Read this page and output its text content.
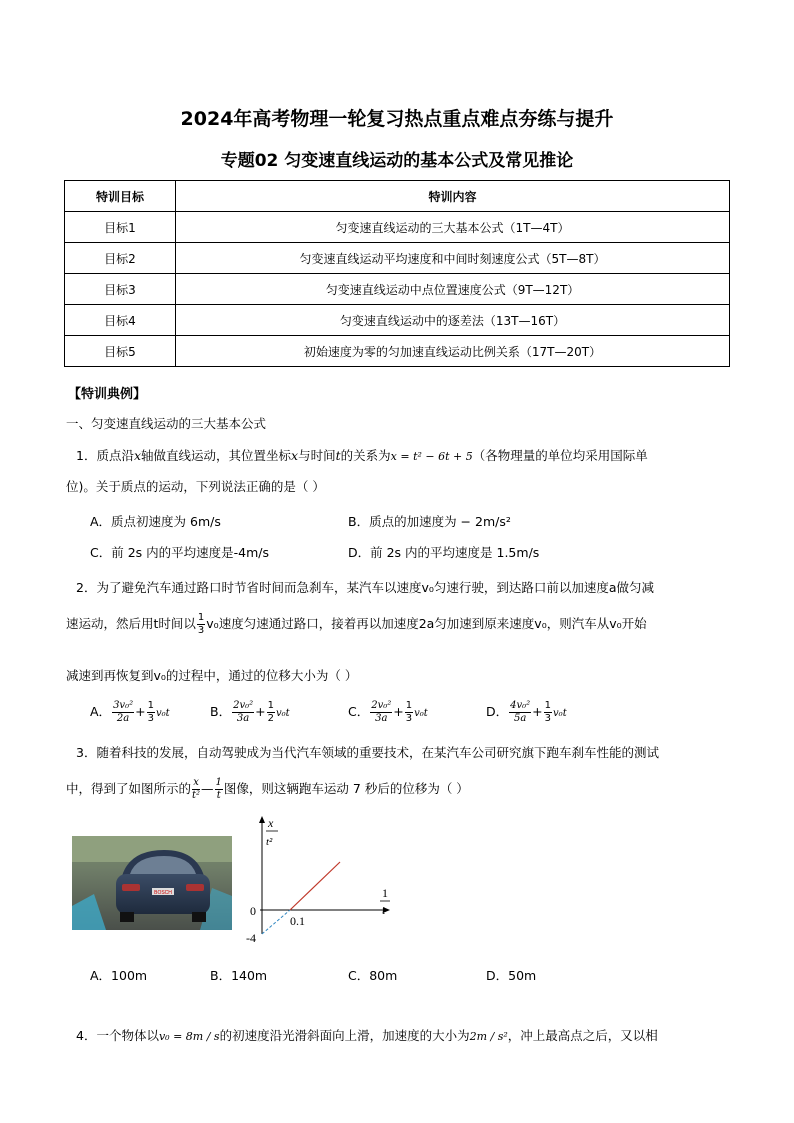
2024年高考物理一轮复习热点重点难点夯练与提升
专题02 匀变速直线运动的基本公式及常见推论
特训目标	特训内容
目标1	匀变速直线运动的三大基本公式（1T—4T）
目标2	匀变速直线运动平均速度和中间时刻速度公式（5T—8T）
目标3	匀变速直线运动中点位置速度公式（9T—12T）
目标4	匀变速直线运动中的逐差法（13T—16T）
目标5	初始速度为零的匀加速直线运动比例关系（17T—20T）
【特训典例】
一、匀变速直线运动的三大基本公式
1．质点沿x轴做直线运动，其位置坐标x与时间t的关系为x = t² − 6t + 5（各物理量的单位均采用国际单
位)。关于质点的运动，下列说法正确的是（ ）
A．质点初速度为 6m/s	B．质点的加速度为 − 2m/s²
C．前 2s 内的平均速度是-4m/s	D．前 2s 内的平均速度是 1.5m/s
2．为了避免汽车通过路口时节省时间而急刹车，某汽车以速度v₀匀速行驶，到达路口前以加速度a做匀减
速运动，然后用t时间以 $\frac{1}{3} v_0$速度匀速通过路口，接着再以加速度2a匀加速到原来速度v₀，则汽车从v₀开始
减速到再恢复到v₀的过程中，通过的位移大小为（ ）
A． $\frac{\text{3v₀²}}{2a} + \frac{1}{3} v_0t$	B． $\frac{\text{2v₀²}}{3a} + \frac{1}{2} v_0t$	C． $\frac{\text{2v₀²}}{3a} + \frac{1}{3} v_0t$	D． $\frac{\text{4v₀²}}{5a} + \frac{1}{3} v_0t$
3．随着科技的发展，自动驾驶成为当代汽车领域的重要技术，在某汽车公司研究旗下跑车刹车性能的测试
中，得到了如图所示的 $\frac{x}{\text{t²}}$ — $\frac{1}{t}$ 图像，则这辆跑车运动 7 秒后的位移为（ ）
BOSCH
x
t²
1
t
0
0.1
-4
A．100m	B．140m	C．80m	D．50m
4．一个物体以v₀ = 8m / s的初速度沿光滑斜面向上滑，加速度的大小为2m / s²，冲上最高点之后，又以相
